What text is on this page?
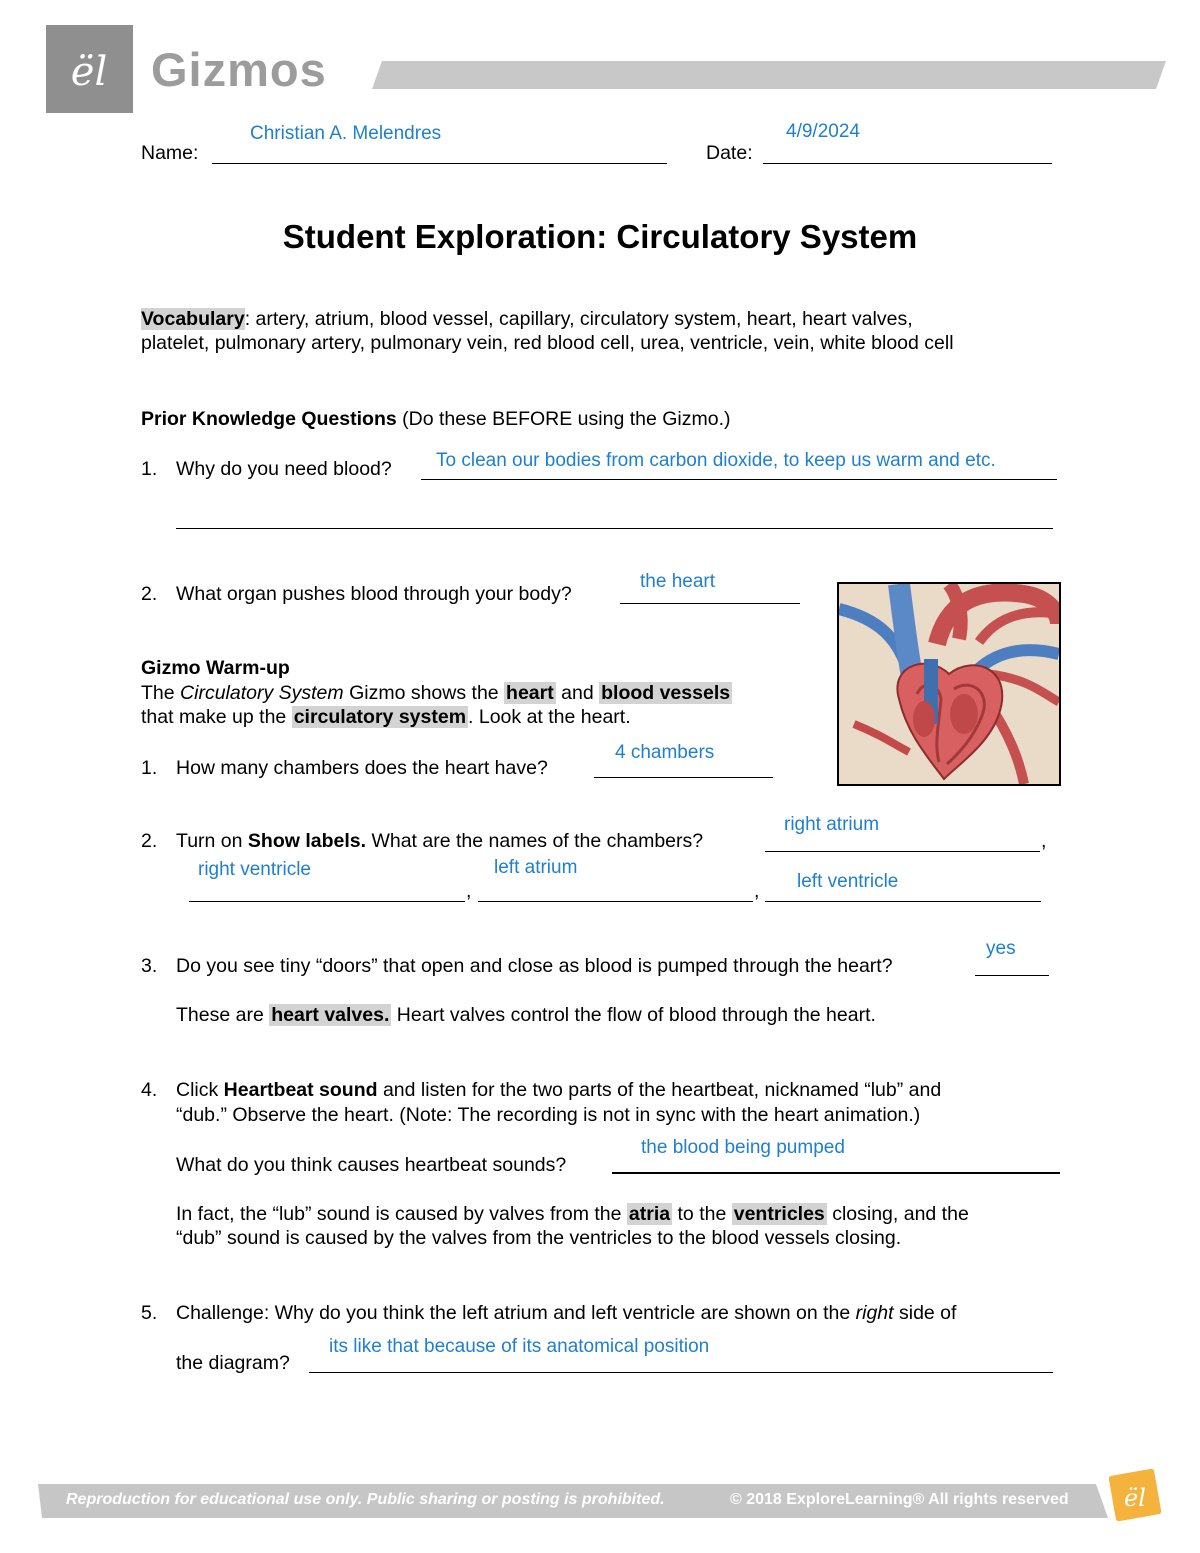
ël Gizmos
Name:
Christian A. Melendres
Date:
4/9/2024
Student Exploration: Circulatory System
Vocabulary: artery, atrium, blood vessel, capillary, circulatory system, heart, heart valves,
platelet, pulmonary artery, pulmonary vein, red blood cell, urea, ventricle, vein, white blood cell
Prior Knowledge Questions (Do these BEFORE using the Gizmo.)
1. Why do you need blood? To clean our bodies from carbon dioxide, to keep us warm and etc.
2. What organ pushes blood through your body?
the heart
Gizmo Warm-up
The Circulatory System Gizmo shows the heart and blood vessels
that make up the circulatory system . Look at the heart.
1. How many chambers does the heart have?
4 chambers
2. Turn on Show labels. What are the names of the chambers?	,
right atrium
,
right ventricle
,
left atrium
left ventricle
3. Do you see tiny “doors” that open and close as blood is pumped through the heart?
yes
These are heart valves. Heart valves control the flow of blood through the heart.
4. Click Heartbeat sound and listen for the two parts of the heartbeat, nicknamed “lub” and
“dub.” Observe the heart. (Note: The recording is not in sync with the heart animation.)
What do you think causes heartbeat sounds?
the blood being pumped
In fact, the “lub” sound is caused by valves from the atria to the ventricles closing, and the
“dub” sound is caused by the valves from the ventricles to the blood vessels closing.
5. Challenge: Why do you think the left atrium and left ventricle are shown on the right side of
the diagram?
its like that because of its anatomical position
Reproduction for educational use only. Public sharing or posting is prohibited.	© 2018 ExploreLearning® All rights reserved ël
